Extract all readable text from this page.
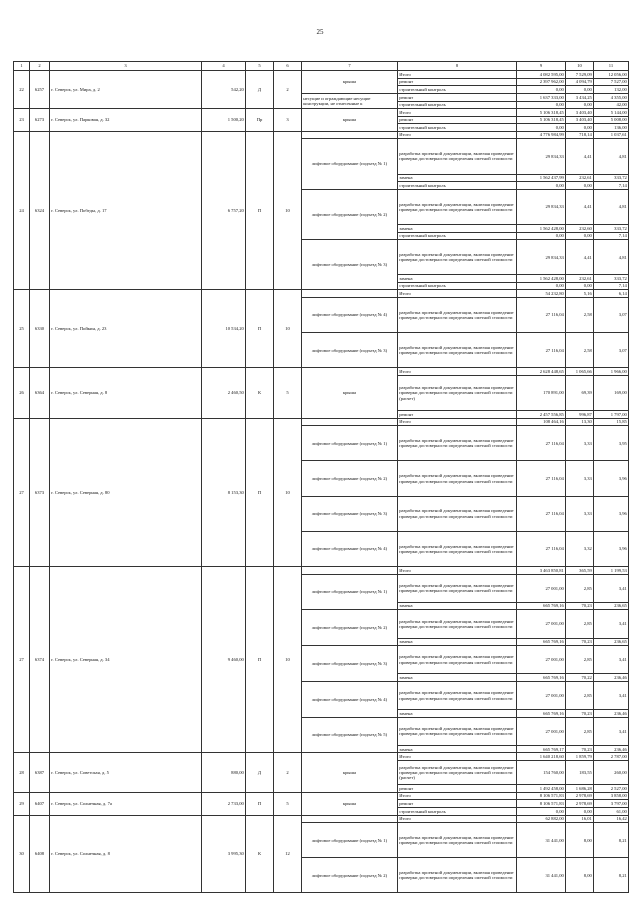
25
1	2	3	4	5	6	7	8	9	10	11
22	6257	г. Северск, ул. Мира, д. 2	542,20	Д	2	крыша	Итого	4 082 595,00	7 529,09	12 056,00
							ремонт	2 397 962,00	4 094,79	7 527,00
							строительный контроль	0,00	0,00	132,00
						несущие и ограждающие несущие конструкции, не отнесенные к	ремонт	1 637 333,00	3 434,25	4 355,00
							строительный контроль	0,00	0,00	42,00
23	6273	г. Северск, ул. Парковая, д. 32	1 500,20	Пр	3	крыша	Итого	5 106 318,45	3 403,40	5 144,00
							ремонт	5 106 318,45	3 403,40	5 008,00
							строительный контроль	0,00	0,00	136,00
24	6324	г. Северск, ул. Победы, д. 17	6 757,20	П	10		Итого	4 776 984,99	718,14	1 037,61
						лифтовое оборудование (подъезд № 1)	разработка проектной документации, включая проведение проверки достоверности определения сметной стоимости	29 834,33	4,41	4,81
							замена	1 562 437,99	232,61	333,72
							строительный контроль	0,00	0,00	7,14
						лифтовое оборудование (подъезд № 2)	разработка проектной документации, включая проведение проверки достоверности определения сметной стоимости	29 834,33	4,41	4,81
							замена	1 562 428,00	232,60	333,72
							строительный контроль	0,00	0,00	7,14
						лифтовое оборудование (подъезд № 3)	разработка проектной документации, включая проведение проверки достоверности определения сметной стоимости	29 834,33	4,41	4,81
							замена	1 562 428,00	232,61	333,72
							строительный контроль	0,00	0,00	7,14
25	6330	г. Северск, ул. Пойкин, д. 23	10 534,20	П	10		Итого	54 232,80	5,16	6,14
						лифтовое оборудование (подъезд № 4)	разработка проектной документации, включая проведение проверки достоверности определения сметной стоимости	27 116,04	2,58	3,07
						лифтовое оборудование (подъезд № 3)	разработка проектной документации, включая проведение проверки достоверности определения сметной стоимости	27 116,04	2,58	3,07
26	6364	г. Северск, ул. Северная, д. 8	2 460,50	К	5	крыша	Итого	2 628 448,65	1 065,66	1 966,00
							разработка проектной документации, включая проведение проверки достоверности определения сметной стоимости (расчет)	170 891,00	69,39	169,00
							ремонт	2 457 556,85	996,87	1 797,00
27	6373	г. Северск, ул. Северная, д. 80	8 153,30	П	10		Итого	108 464,16	13,30	15,85
						лифтовое оборудование (подъезд № 1)	разработка проектной документации, включая проведение проверки достоверности определения сметной стоимости	27 116,04	3,33	3,95
						лифтовое оборудование (подъезд № 2)	разработка проектной документации, включая проведение проверки достоверности определения сметной стоимости	27 116,04	3,33	3,96
						лифтовое оборудование (подъезд № 3)	разработка проектной документации, включая проведение проверки достоверности определения сметной стоимости	27 116,04	3,33	3,96
						лифтовое оборудование (подъезд № 4)	разработка проектной документации, включая проведение проверки достоверности определения сметной стоимости	27 116,04	3,32	3,96
27	6374	г. Северск, ул. Северная, д. 34	9 460,00	П	10		Итого	3 463 850,81	365,59	1 199,53
						лифтовое оборудование (подъезд № 1)	разработка проектной документации, включая проведение проверки достоверности определения сметной стоимости	27 001,00	2,85	3,41
							замена	665 769,16	70,23	236,65
						лифтовое оборудование (подъезд № 2)	разработка проектной документации, включая проведение проверки достоверности определения сметной стоимости	27 001,00	2,85	3,41
							замена	665 769,16	70,23	236,65
						лифтовое оборудование (подъезд № 3)	разработка проектной документации, включая проведение проверки достоверности определения сметной стоимости	27 001,00	2,85	3,41
							замена	665 769,16	70,22	236,46
						лифтовое оборудование (подъезд № 4)	разработка проектной документации, включая проведение проверки достоверности определения сметной стоимости	27 001,00	2,85	3,41
							замена	665 769,16	70,23	236,46
						лифтовое оборудование (подъезд № 5)	разработка проектной документации, включая проведение проверки достоверности определения сметной стоимости	27 001,00	2,85	3,41
							замена	665 769,17	70,23	236,46
28	6387	г. Северск, ул. Советская, д. 5	880,00	Д	2	крыша	Итого	1 640 218,60	1 859,79	2 787,00
							разработка проектной документации, включая проведение проверки достоверности определения сметной стоимости (расчет)	154 760,00	183,55	260,00
							ремонт	1 492 458,00	1 686,28	2 527,00
29	6407	г. Северск, ул. Солнечная, д. 7а	2 733,00	П	5	крыша	Итого	8 106 571,83	2 978,69	3 858,00
							ремонт	8 106 571,83	2 978,69	3 797,00
							строительный контроль	0,00	0,00	61,00
30	6408	г. Северск, ул. Солнечная, д. 8	3 995,30	К	12		Итого	62 882,00	16,01	16,42
						лифтовое оборудование (подъезд № 1)	разработка проектной документации, включая проведение проверки достоверности определения сметной стоимости	31 441,00	8,00	8,21
						лифтовое оборудование (подъезд № 2)	разработка проектной документации, включая проведение проверки достоверности определения сметной стоимости	31 441,00	8,00	8,21
